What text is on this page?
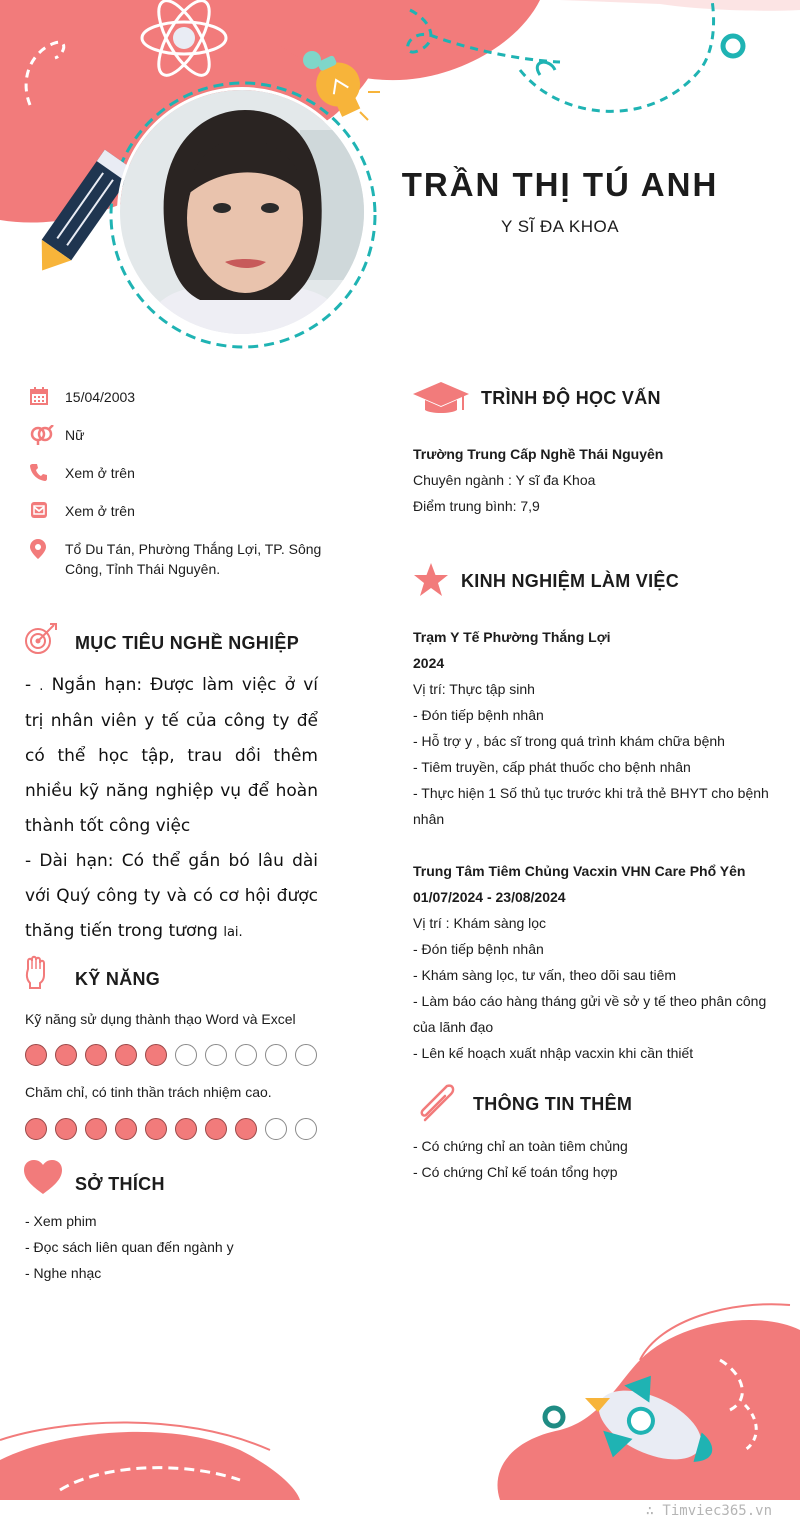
TRẦN THỊ TÚ ANH
Y SĨ ĐA KHOA
15/04/2003
Nữ
Xem ở trên
Xem ở trên
Tổ Du Tán, Phường Thắng Lợi, TP. Sông Công, Tỉnh Thái Nguyên.
MỤC TIÊU NGHỀ NGHIỆP
- . Ngắn hạn: Được làm việc ở ví trị nhân viên y tế của công ty để có thể học tập, trau dồi thêm nhiều kỹ năng nghiệp vụ để hoàn thành tốt công việc
- Dài hạn: Có thể gắn bó lâu dài với Quý công ty và có cơ hội được thăng tiến trong tương lai.
KỸ NĂNG
Kỹ năng sử dụng thành thạo Word và Excel
Chăm chỉ, có tinh thần trách nhiệm cao.
SỞ THÍCH
- Xem phim
- Đọc sách liên quan đến ngành y
- Nghe nhạc
TRÌNH ĐỘ HỌC VẤN
Trường Trung Cấp Nghề Thái Nguyên
Chuyên ngành : Y sĩ đa Khoa
Điểm trung bình: 7,9
KINH NGHIỆM LÀM VIỆC
Trạm Y Tế Phường Thắng Lợi
2024
Vị trí: Thực tập sinh
- Đón tiếp bệnh nhân
- Hỗ trợ y , bác sĩ trong quá trình khám chữa bệnh
- Tiêm truyền, cấp phát thuốc cho bệnh nhân
- Thực hiện 1 Số thủ tục trước khi trả thẻ BHYT cho bệnh nhân
Trung Tâm Tiêm Chủng Vacxin VHN Care Phổ Yên
01/07/2024 - 23/08/2024
Vị trí : Khám sàng lọc
- Đón tiếp bệnh nhân
- Khám sàng lọc, tư vấn, theo dõi sau tiêm
- Làm báo cáo hàng tháng gửi về sở y tế theo phân công của lãnh đạo
- Lên kế hoạch xuất nhập vacxin khi cần thiết
THÔNG TIN THÊM
- Có chứng chỉ an toàn tiêm chủng
- Có chứng Chỉ kế toán tổng hợp
∴ Timviec365.vn
